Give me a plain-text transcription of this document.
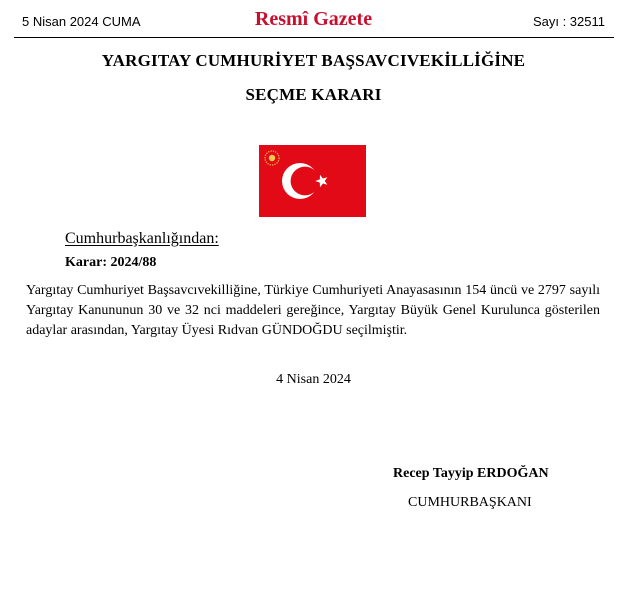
5 Nisan 2024 CUMA	Resmî Gazete	Sayı : 32511
YARGITAY CUMHURİYET BAŞSAVCIVEKİLLİĞİNE
SEÇME KARARI
Cumhurbaşkanlığından:
Karar: 2024/88
Yargıtay Cumhuriyet Başsavcıvekilliğine, Türkiye Cumhuriyeti Anayasasının 154 üncü ve 2797 sayılı Yargıtay Kanununun 30 ve 32 nci maddeleri gereğince, Yargıtay Büyük Genel Kurulunca gösterilen adaylar arasından, Yargıtay Üyesi Rıdvan GÜNDOĞDU seçilmiştir.
4 Nisan 2024
Recep Tayyip ERDOĞAN
CUMHURBAŞKANI
